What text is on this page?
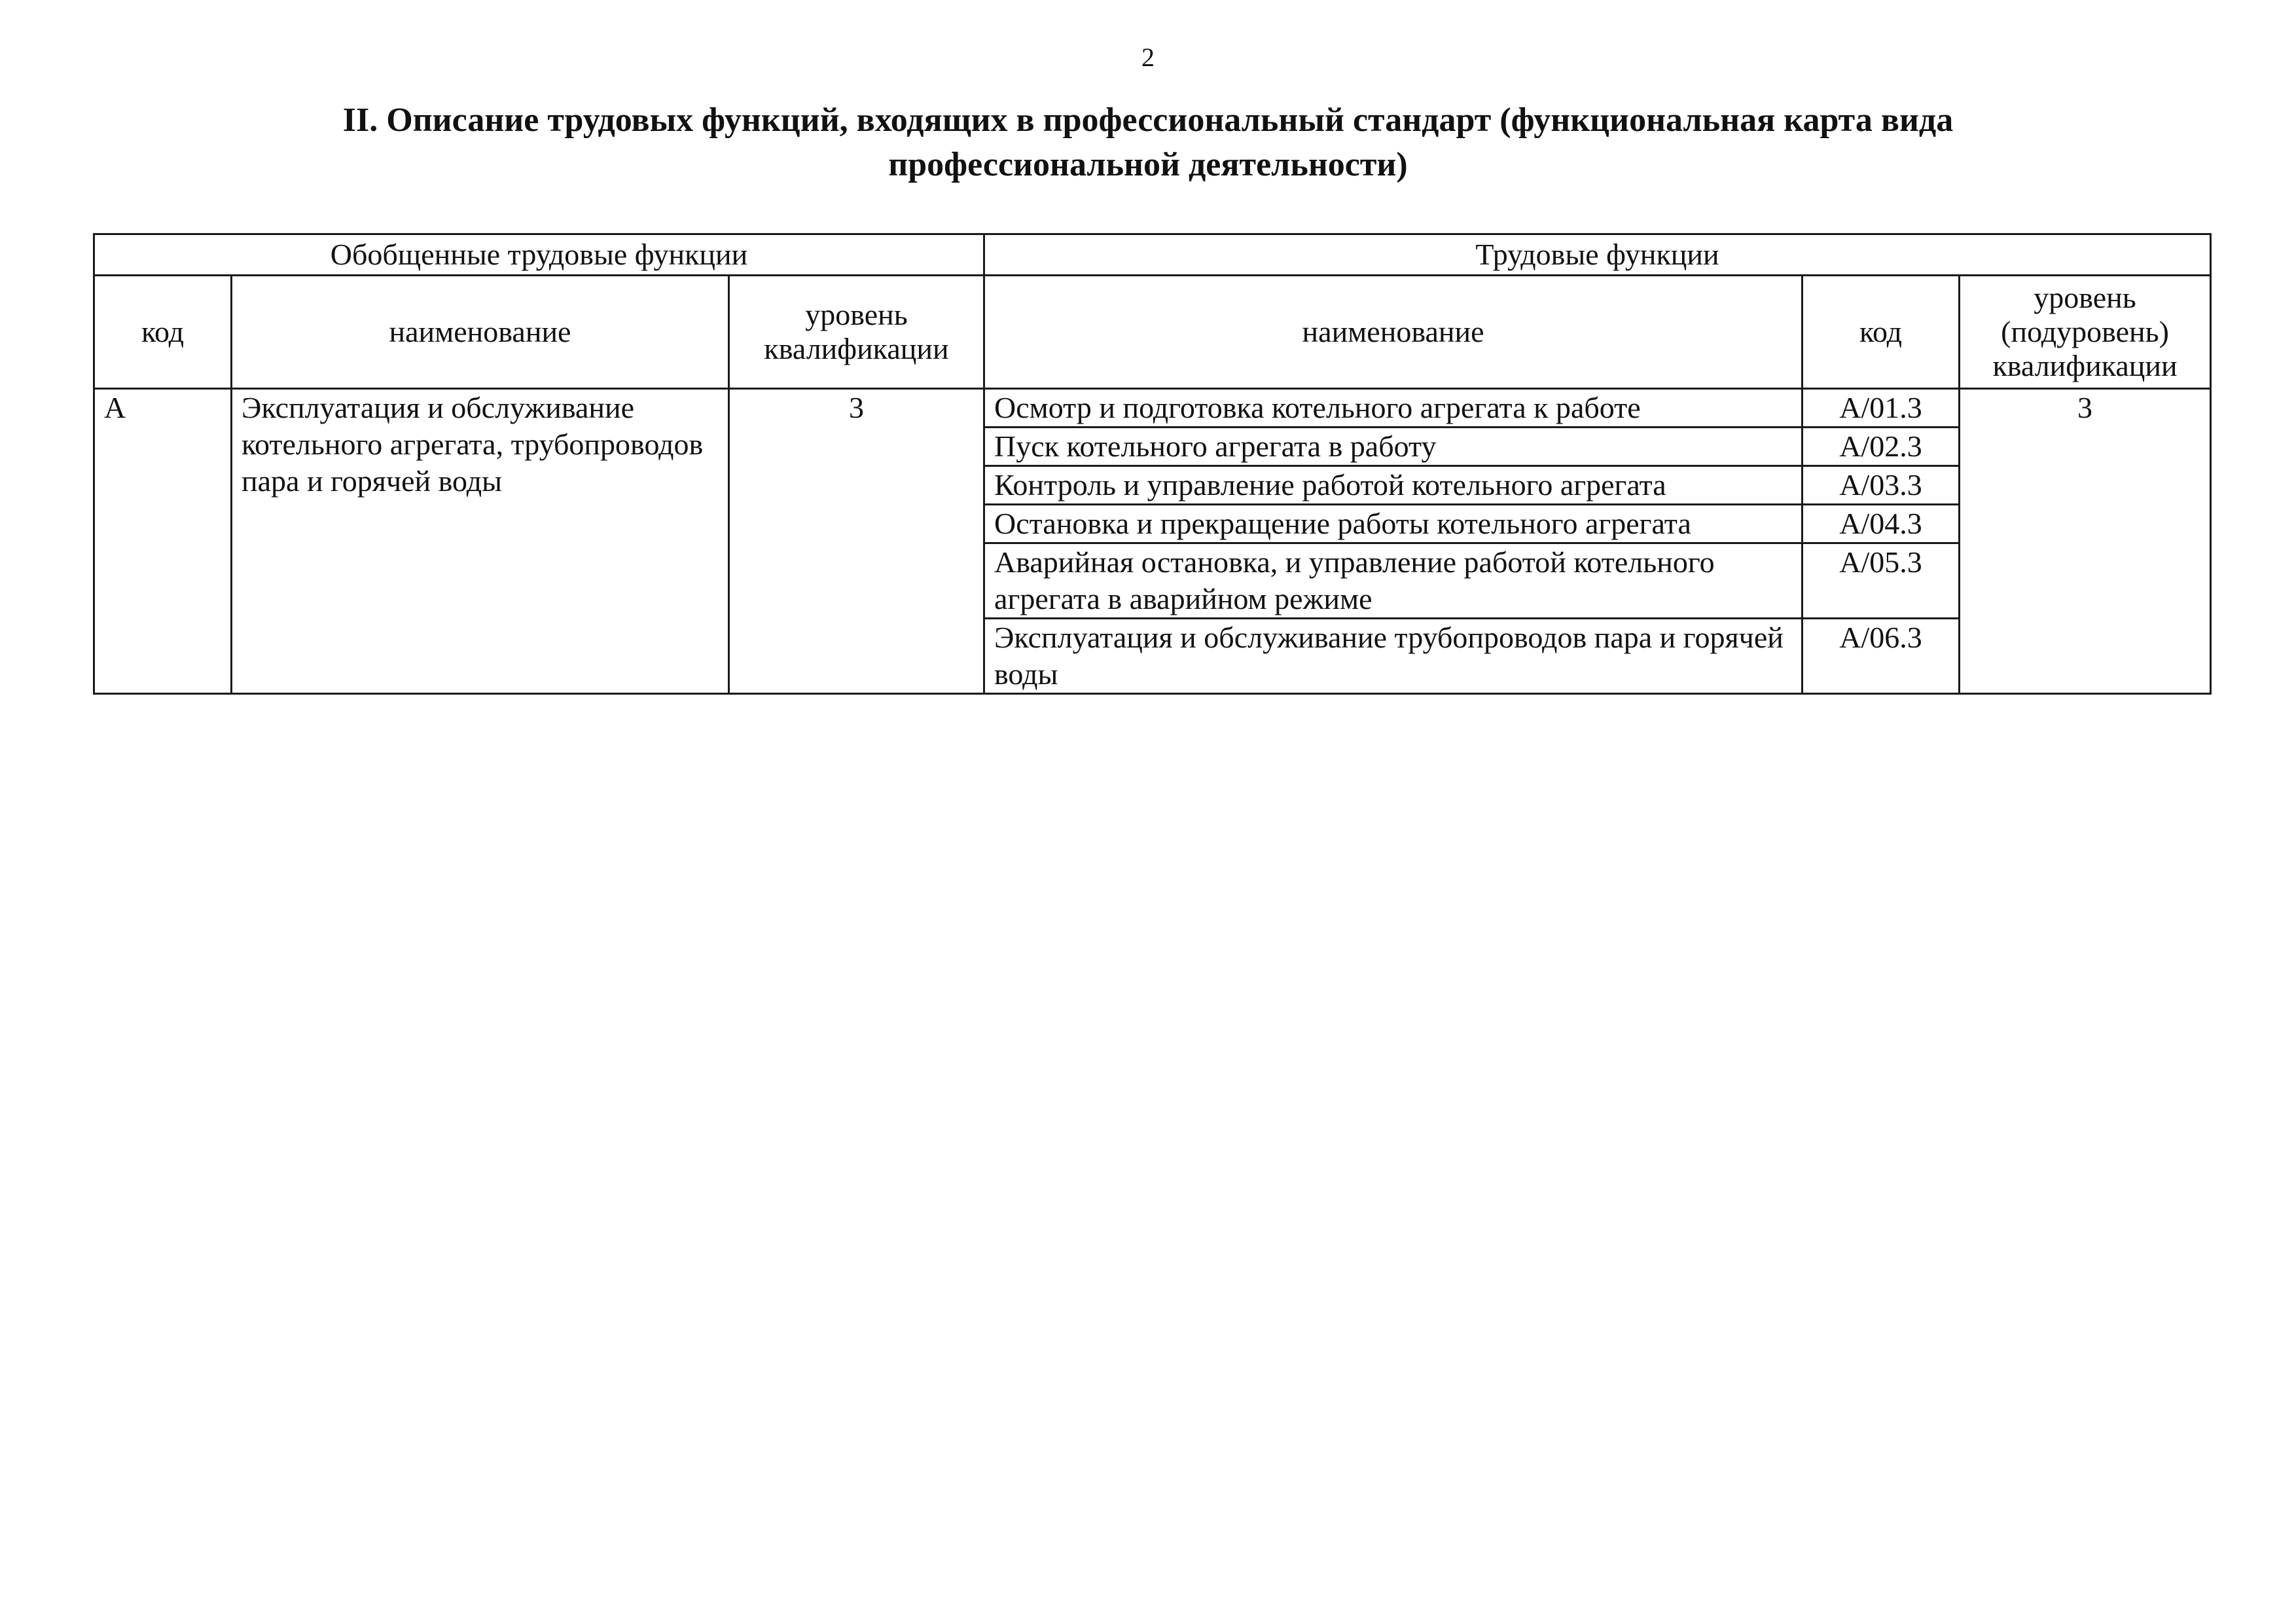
2
II. Описание трудовых функций, входящих в профессиональный стандарт (функциональная карта вида профессиональной деятельности)
Обобщенные трудовые функции			Трудовые функции		
код	наименование	уровень квалификации	наименование	код	уровень (подуровень) квалификации
А	Эксплуатация и обслуживание котельного агрегата, трубопроводов пара и горячей воды	3	Осмотр и подготовка котельного агрегата к работе	А/01.3	3
			Пуск котельного агрегата в работу	А/02.3	
			Контроль и управление работой котельного агрегата	А/03.3	
			Остановка и прекращение работы котельного агрегата	А/04.3	
			Аварийная остановка, и управление работой котельного агрегата в аварийном режиме	А/05.3	
			Эксплуатация и обслуживание трубопроводов пара и горячей воды	А/06.3	
